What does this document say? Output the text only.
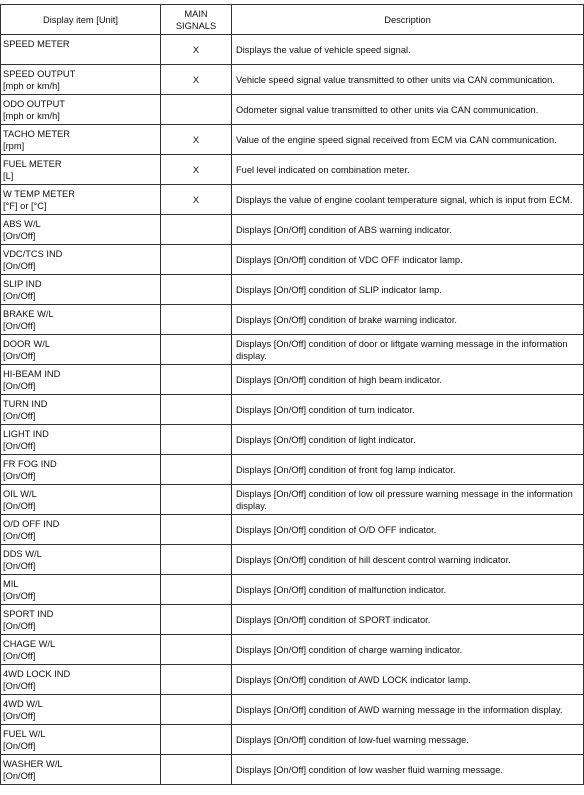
Display item [Unit]	MAIN SIGNALS	Description

SPEED METER	X	Displays the value of vehicle speed signal.

SPEED OUTPUT
[mph or km/h]	X	Vehicle speed signal value transmitted to other units via CAN communication.

ODO OUTPUT
[mph or km/h]		Odometer signal value transmitted to other units via CAN communication.

TACHO METER
[rpm]	X	Value of the engine speed signal received from ECM via CAN communication.

FUEL METER
[L]	X	Fuel level indicated on combination meter.

W TEMP METER
[°F] or [°C]	X	Displays the value of engine coolant temperature signal, which is input from ECM.

ABS W/L
[On/Off]		Displays [On/Off] condition of ABS warning indicator.

VDC/TCS IND
[On/Off]		Displays [On/Off] condition of VDC OFF indicator lamp.

SLIP IND
[On/Off]		Displays [On/Off] condition of SLIP indicator lamp.

BRAKE W/L
[On/Off]		Displays [On/Off] condition of brake warning indicator.

DOOR W/L
[On/Off]		Displays [On/Off] condition of door or liftgate warning message in the information display.

HI-BEAM IND
[On/Off]		Displays [On/Off] condition of high beam indicator.

TURN IND
[On/Off]		Displays [On/Off] condition of turn indicator.

LIGHT IND
[On/Off]		Displays [On/Off] condition of light indicator.

FR FOG IND
[On/Off]		Displays [On/Off] condition of front fog lamp indicator.

OIL W/L
[On/Off]		Displays [On/Off] condition of low oil pressure warning message in the information display.

O/D OFF IND
[On/Off]		Displays [On/Off] condition of O/D OFF indicator.

DDS W/L
[On/Off]		Displays [On/Off] condition of hill descent control warning indicator.

MIL
[On/Off]		Displays [On/Off] condition of malfunction indicator.

SPORT IND
[On/Off]		Displays [On/Off] condition of SPORT indicator.

CHAGE W/L
[On/Off]		Displays [On/Off] condition of charge warning indicator.

4WD LOCK IND
[On/Off]		Displays [On/Off] condition of AWD LOCK indicator lamp.

4WD W/L
[On/Off]		Displays [On/Off] condition of AWD warning message in the information display.

FUEL W/L
[On/Off]		Displays [On/Off] condition of low-fuel warning message.

WASHER W/L
[On/Off]		Displays [On/Off] condition of low washer fluid warning message.
